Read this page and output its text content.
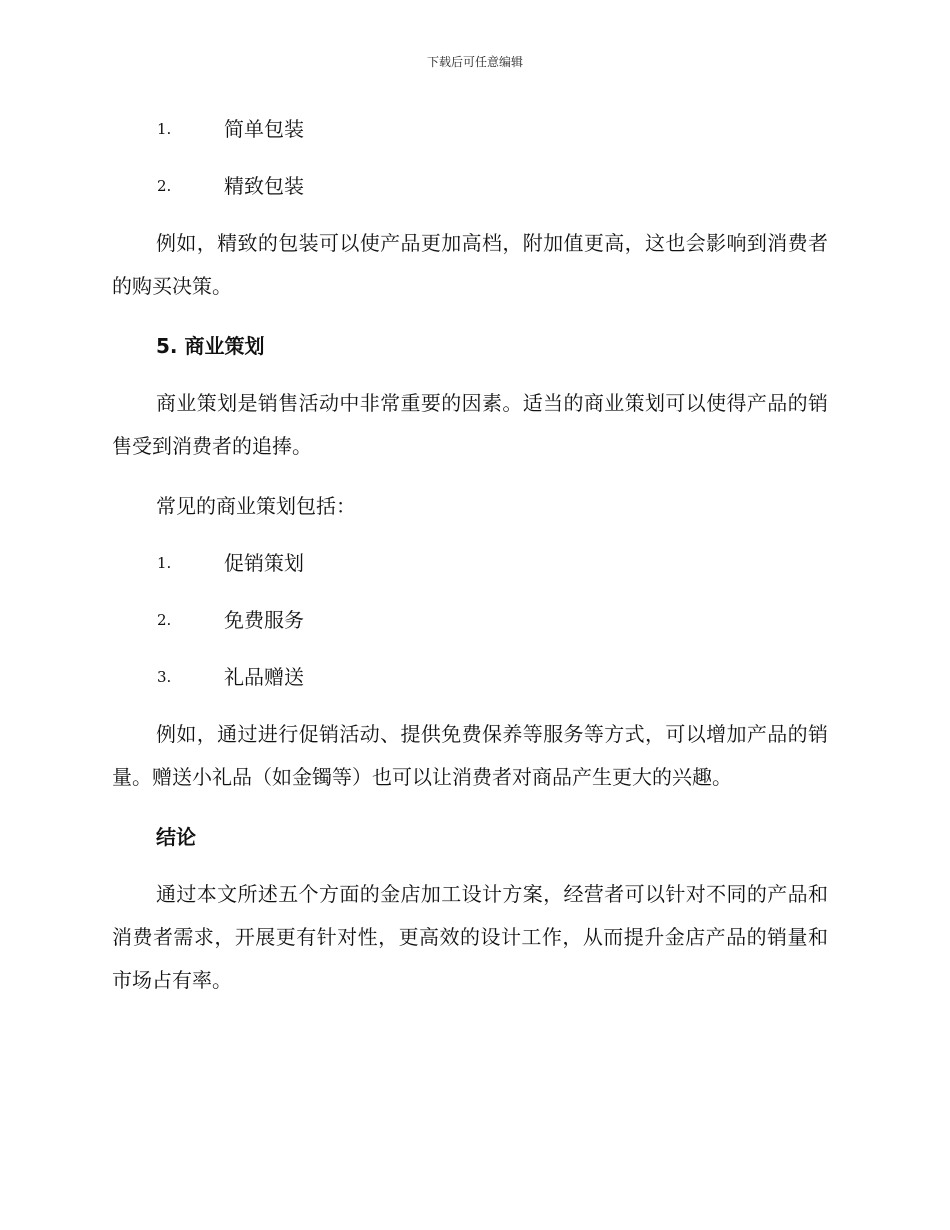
下载后可任意编辑
1.	简单包装
2.	精致包装

例如，精致的包装可以使产品更加高档，附加值更高，这也会影响到消费者的购买决策。

5. 商业策划

商业策划是销售活动中非常重要的因素。适当的商业策划可以使得产品的销售受到消费者的追捧。

常见的商业策划包括：

1.	促销策划
2.	免费服务
3.	礼品赠送

例如，通过进行促销活动、提供免费保养等服务等方式，可以增加产品的销量。赠送小礼品（如金镯等）也可以让消费者对商品产生更大的兴趣。

结论

通过本文所述五个方面的金店加工设计方案，经营者可以针对不同的产品和消费者需求，开展更有针对性，更高效的设计工作，从而提升金店产品的销量和市场占有率。
